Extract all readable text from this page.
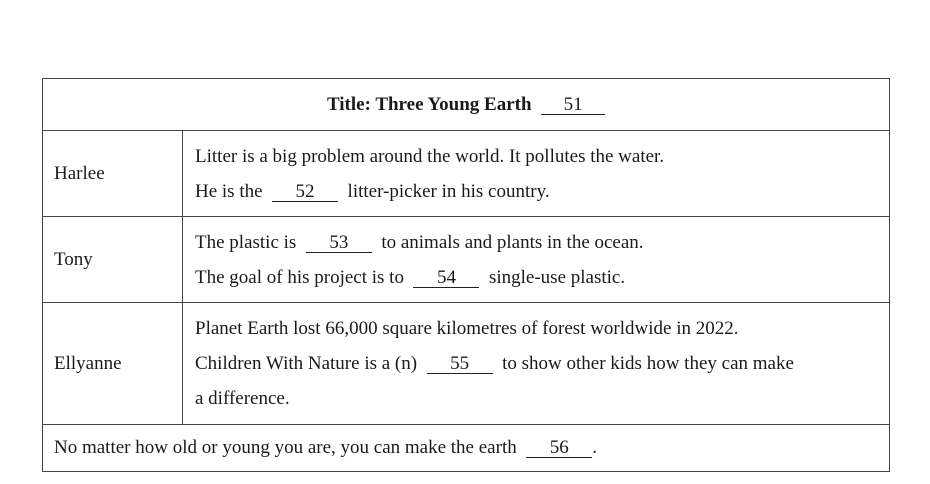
Title: Three Young Earth 51
Harlee
Litter is a big problem around the world. It pollutes the water.
He is the 52 litter-picker in his country.
Tony
The plastic is 53 to animals and plants in the ocean.
The goal of his project is to 54 single-use plastic.
Ellyanne
Planet Earth lost 66,000 square kilometres of forest worldwide in 2022.
Children With Nature is a (n) 55 to show other kids how they can make
a difference.
No matter how old or young you are, you can make the earth 56 .
